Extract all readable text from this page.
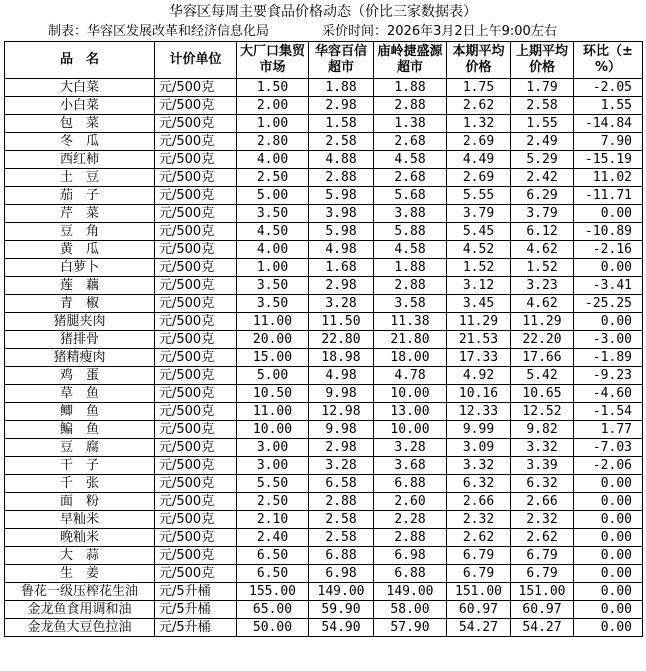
华容区每周主要食品价格动态（价比三家数据表）
制表：华容区发展改革和经济信息化局	采价时间：2026年3月2日上午9:00左右
品　名	计价单位	大厂口集贸市场	华容百信超市	庙岭捷盛源超市	本期平均价格	上期平均价格	环比（±%）
大白菜	元/500克	1.50	1.88	1.88	1.75	1.79	-2.05
小白菜	元/500克	2.00	2.98	2.88	2.62	2.58	1.55
包　菜	元/500克	1.00	1.58	1.38	1.32	1.55	-14.84
冬　瓜	元/500克	2.80	2.58	2.68	2.69	2.49	7.90
西红柿	元/500克	4.00	4.88	4.58	4.49	5.29	-15.19
土　豆	元/500克	2.50	2.88	2.68	2.69	2.42	11.02
茄　子	元/500克	5.00	5.98	5.68	5.55	6.29	-11.71
芹　菜	元/500克	3.50	3.98	3.88	3.79	3.79	0.00
豆　角	元/500克	4.50	5.98	5.88	5.45	6.12	-10.89
黄　瓜	元/500克	4.00	4.98	4.58	4.52	4.62	-2.16
白萝卜	元/500克	1.00	1.68	1.88	1.52	1.52	0.00
莲　藕	元/500克	3.50	2.98	2.88	3.12	3.23	-3.41
青　椒	元/500克	3.50	3.28	3.58	3.45	4.62	-25.25
猪腿夹肉	元/500克	11.00	11.50	11.38	11.29	11.29	0.00
猪排骨	元/500克	20.00	22.80	21.80	21.53	22.20	-3.00
猪精瘦肉	元/500克	15.00	18.98	18.00	17.33	17.66	-1.89
鸡　蛋	元/500克	5.00	4.98	4.78	4.92	5.42	-9.23
草　鱼	元/500克	10.50	9.98	10.00	10.16	10.65	-4.60
鲫　鱼	元/500克	11.00	12.98	13.00	12.33	12.52	-1.54
鳊　鱼	元/500克	10.00	9.98	10.00	9.99	9.82	1.77
豆　腐	元/500克	3.00	2.98	3.28	3.09	3.32	-7.03
干　子	元/500克	3.00	3.28	3.68	3.32	3.39	-2.06
千　张	元/500克	5.50	6.58	6.88	6.32	6.32	0.00
面　粉	元/500克	2.50	2.88	2.60	2.66	2.66	0.00
早籼米	元/500克	2.10	2.58	2.28	2.32	2.32	0.00
晚籼米	元/500克	2.40	2.58	2.88	2.62	2.62	0.00
大　蒜	元/500克	6.50	6.88	6.98	6.79	6.79	0.00
生　姜	元/500克	6.50	6.98	6.88	6.79	6.79	0.00
鲁花一级压榨花生油	元/5升桶	155.00	149.00	149.00	151.00	151.00	0.00
金龙鱼食用调和油	元/5升桶	65.00	59.90	58.00	60.97	60.97	0.00
金龙鱼大豆色拉油	元/5升桶	50.00	54.90	57.90	54.27	54.27	0.00
